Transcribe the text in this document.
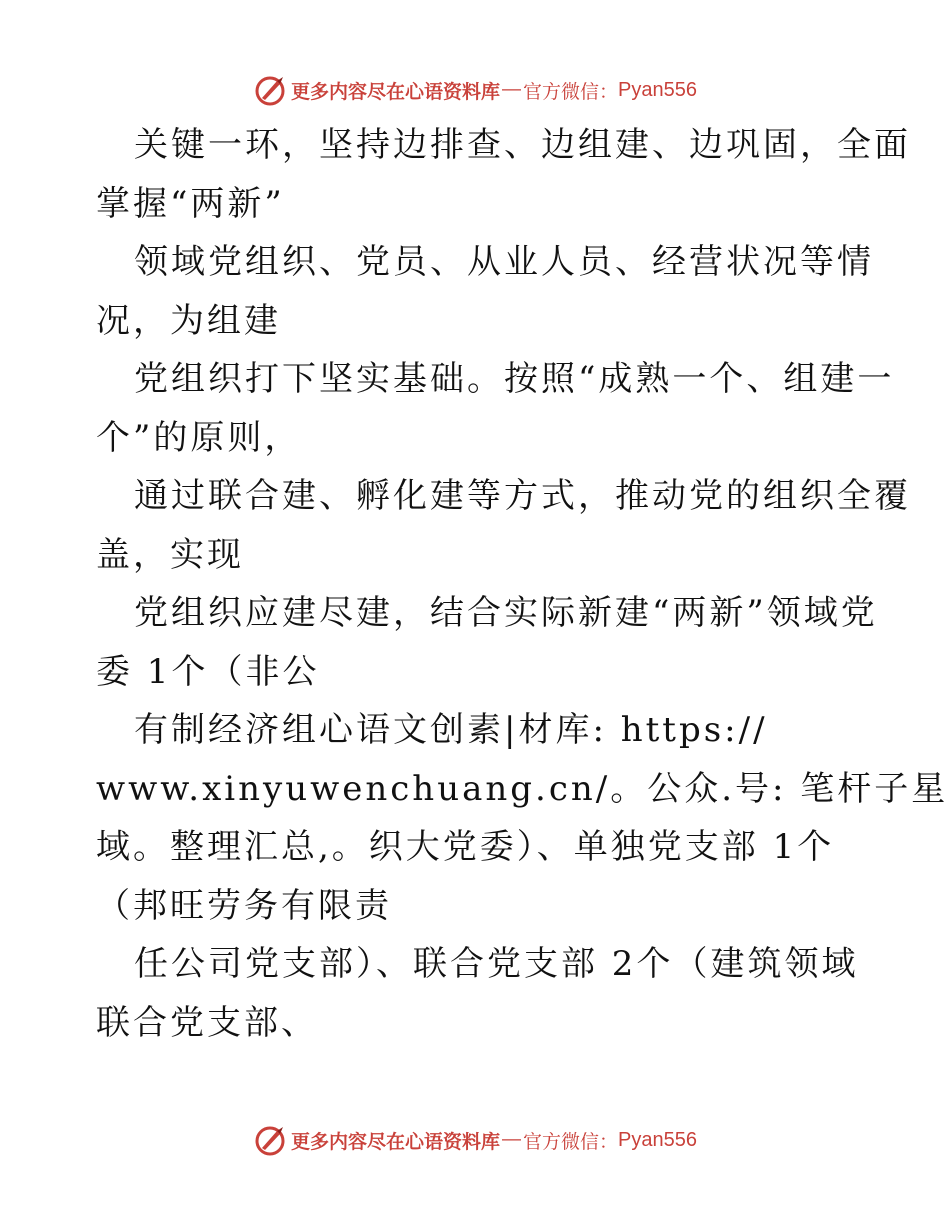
更多内容尽在心语资料库 — 官方微信： Pyan556
关键一环，坚持边排查、边组建、边巩固，全面
掌握“两新”
领域党组织、党员、从业人员、经营状况等情
况，为组建
党组织打下坚实基础。按照“成熟一个、组建一
个”的原则，
通过联合建、孵化建等方式，推动党的组织全覆
盖，实现
党组织应建尽建，结合实际新建“两新”领域党
委 1个（非公
有制经济组心语文创素|材库: https://
www.xinyuwenchuang.cn/。公众.号: 笔杆子星
域。整理汇总,。织大党委）、单独党支部 1个
（邦旺劳务有限责
任公司党支部）、联合党支部 2个（建筑领域
联合党支部、
更多内容尽在心语资料库 — 官方微信： Pyan556
